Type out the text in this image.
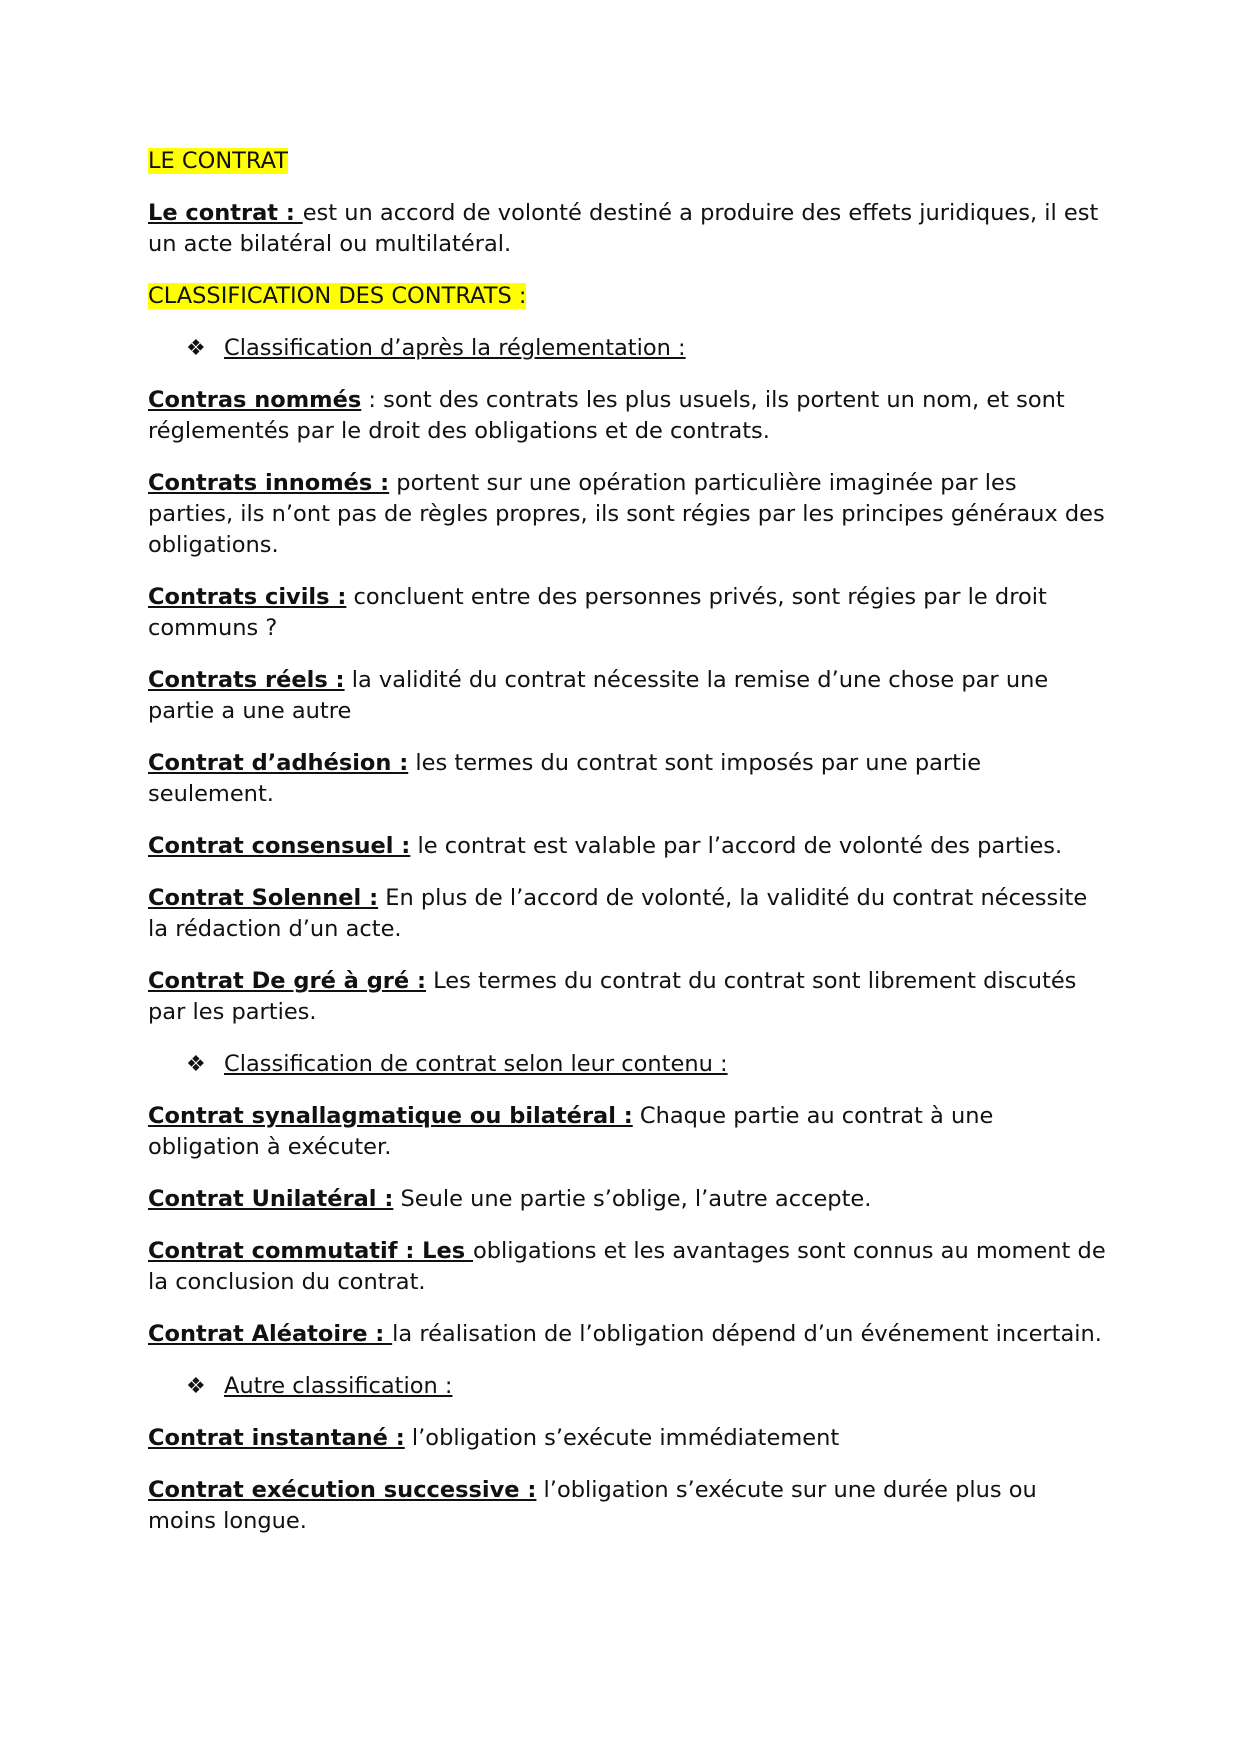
LE CONTRAT

Le contrat : est un accord de volonté destiné a produire des effets juridiques, il est un acte bilatéral ou multilatéral.

CLASSIFICATION DES CONTRATS :

❖ Classification d’après la réglementation :

Contras nommés : sont des contrats les plus usuels, ils portent un nom, et sont réglementés par le droit des obligations et de contrats.

Contrats innomés : portent sur une opération particulière imaginée par les parties, ils n’ont pas de règles propres, ils sont régies par les principes généraux des obligations.

Contrats civils : concluent entre des personnes privés, sont régies par le droit communs ?

Contrats réels : la validité du contrat nécessite la remise d’une chose par une partie a une autre

Contrat d’adhésion : les termes du contrat sont imposés par une partie seulement.

Contrat consensuel : le contrat est valable par l’accord de volonté des parties.

Contrat Solennel : En plus de l’accord de volonté, la validité du contrat nécessite la rédaction d’un acte.

Contrat De gré à gré : Les termes du contrat du contrat sont librement discutés par les parties.

❖ Classification de contrat selon leur contenu :

Contrat synallagmatique ou bilatéral : Chaque partie au contrat à une obligation à exécuter.

Contrat Unilatéral : Seule une partie s’oblige, l’autre accepte.

Contrat commutatif : Les obligations et les avantages sont connus au moment de la conclusion du contrat.

Contrat Aléatoire : la réalisation de l’obligation dépend d’un événement incertain.

❖ Autre classification :

Contrat instantané : l’obligation s’exécute immédiatement

Contrat exécution successive : l’obligation s’exécute sur une durée plus ou moins longue.
